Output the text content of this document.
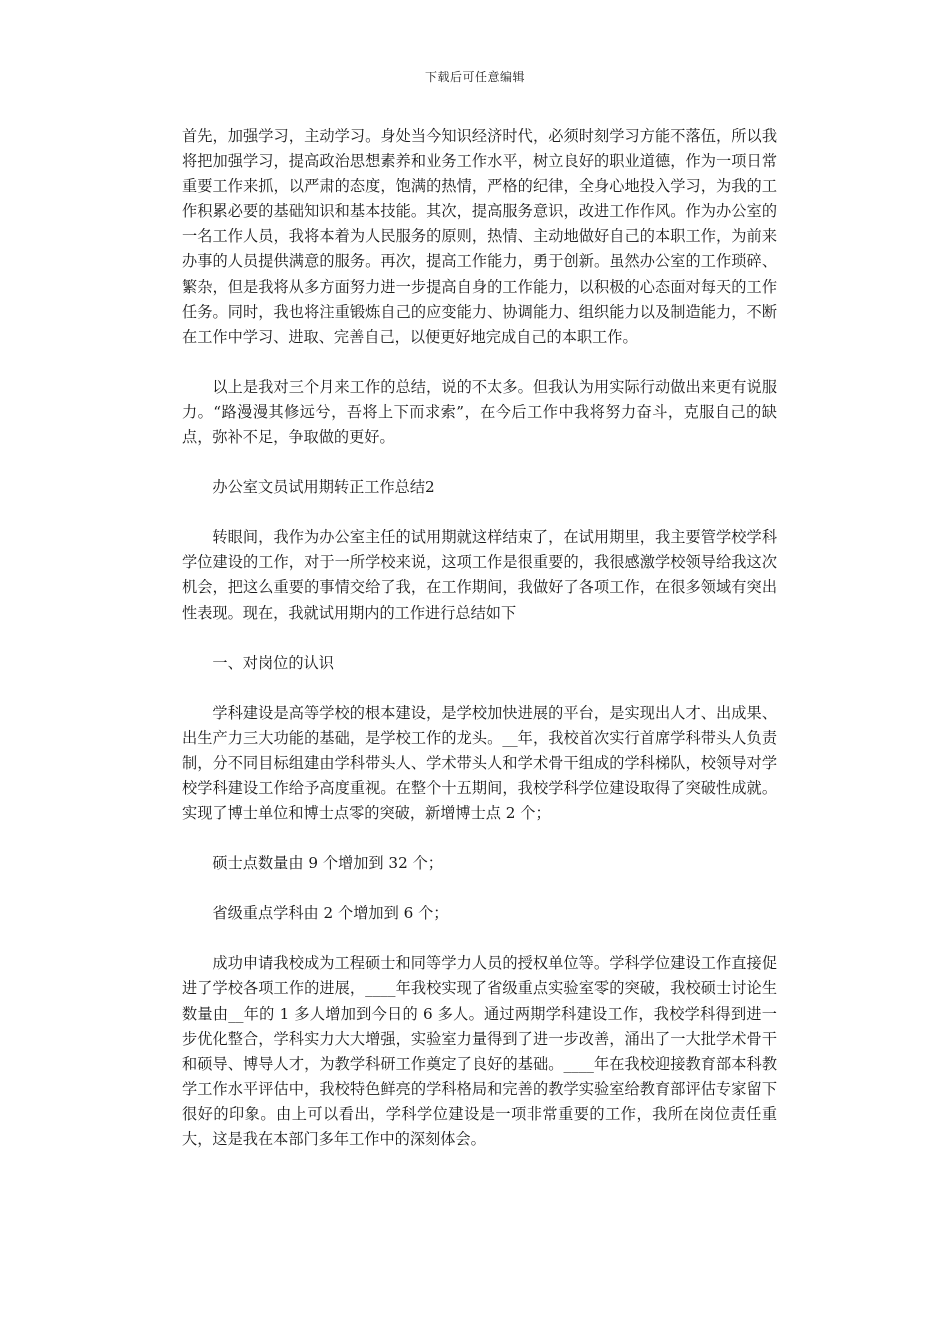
下载后可任意编辑

首先，加强学习，主动学习。身处当今知识经济时代，必须时刻学习方能不落伍，所以我将把加强学习，提高政治思想素养和业务工作水平，树立良好的职业道德，作为一项日常重要工作来抓，以严肃的态度，饱满的热情，严格的纪律，全身心地投入学习，为我的工作积累必要的基础知识和基本技能。其次，提高服务意识，改进工作作风。作为办公室的一名工作人员，我将本着为人民服务的原则，热情、主动地做好自己的本职工作，为前来办事的人员提供满意的服务。再次，提高工作能力，勇于创新。虽然办公室的工作琐碎、繁杂，但是我将从多方面努力进一步提高自身的工作能力，以积极的心态面对每天的工作任务。同时，我也将注重锻炼自己的应变能力、协调能力、组织能力以及制造能力，不断在工作中学习、进取、完善自己，以便更好地完成自己的本职工作。

以上是我对三个月来工作的总结，说的不太多。但我认为用实际行动做出来更有说服力。“路漫漫其修远兮，吾将上下而求索”，在今后工作中我将努力奋斗，克服自己的缺点，弥补不足，争取做的更好。

办公室文员试用期转正工作总结2

转眼间，我作为办公室主任的试用期就这样结束了，在试用期里，我主要管学校学科学位建设的工作，对于一所学校来说，这项工作是很重要的，我很感激学校领导给我这次机会，把这么重要的事情交给了我，在工作期间，我做好了各项工作，在很多领域有突出性表现。现在，我就试用期内的工作进行总结如下

一、对岗位的认识

学科建设是高等学校的根本建设，是学校加快进展的平台，是实现出人才、出成果、出生产力三大功能的基础，是学校工作的龙头。__年，我校首次实行首席学科带头人负责制，分不同目标组建由学科带头人、学术带头人和学术骨干组成的学科梯队，校领导对学校学科建设工作给予高度重视。在整个十五期间，我校学科学位建设取得了突破性成就。实现了博士单位和博士点零的突破，新增博士点 2 个；

硕士点数量由 9 个增加到 32 个；

省级重点学科由 2 个增加到 6 个；

成功申请我校成为工程硕士和同等学力人员的授权单位等。学科学位建设工作直接促进了学校各项工作的进展，____年我校实现了省级重点实验室零的突破，我校硕士讨论生数量由__年的 1 多人增加到今日的 6 多人。通过两期学科建设工作，我校学科得到进一步优化整合，学科实力大大增强，实验室力量得到了进一步改善，涌出了一大批学术骨干和硕导、博导人才，为教学科研工作奠定了良好的基础。____年在我校迎接教育部本科教学工作水平评估中，我校特色鲜亮的学科格局和完善的教学实验室给教育部评估专家留下很好的印象。由上可以看出，学科学位建设是一项非常重要的工作，我所在岗位责任重大，这是我在本部门多年工作中的深刻体会。
